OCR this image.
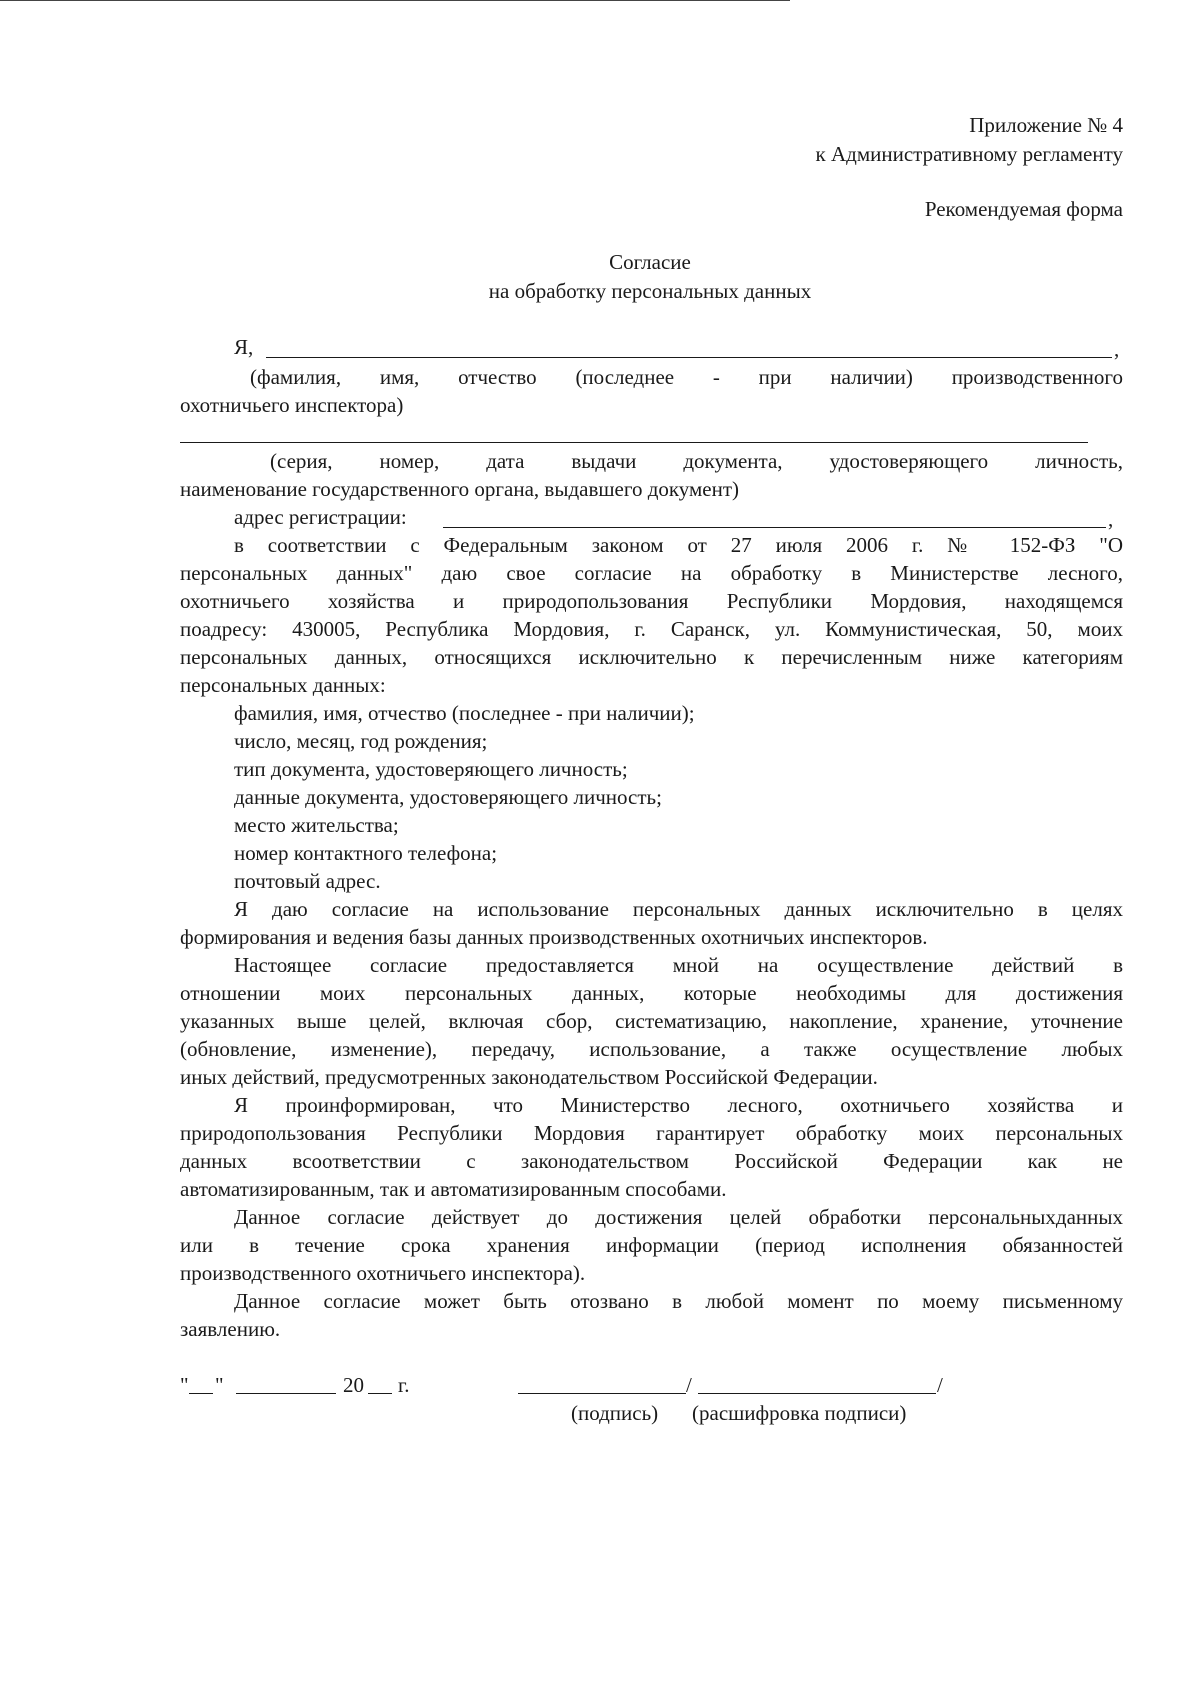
Приложение № 4
к Административному регламенту
Рекомендуемая форма
Согласие
на обработку персональных данных
Я,	,
(фамилия, имя, отчество (последнее - при наличии) производственного
охотничьего инспектора)
(серия, номер, дата выдачи документа, удостоверяющего личность,
наименование государственного органа, выдавшего документ)
адрес регистрации:	,
в соответствии с Федеральным законом от 27 июля 2006 г. № 152-ФЗ "О
персональных данных" даю свое согласие на обработку в Министерстве лесного,
охотничьего хозяйства и природопользования Республики Мордовия, находящемся
поадресу: 430005, Республика Мордовия, г. Саранск, ул. Коммунистическая, 50, моих
персональных данных, относящихся исключительно к перечисленным ниже категориям
персональных данных:
фамилия, имя, отчество (последнее - при наличии);
число, месяц, год рождения;
тип документа, удостоверяющего личность;
данные документа, удостоверяющего личность;
место жительства;
номер контактного телефона;
почтовый адрес.
Я даю согласие на использование персональных данных исключительно в целях
формирования и ведения базы данных производственных охотничьих инспекторов.
Настоящее согласие предоставляется мной на осуществление действий в
отношении моих персональных данных, которые необходимы для достижения
указанных выше целей, включая сбор, систематизацию, накопление, хранение, уточнение
(обновление, изменение), передачу, использование, а также осуществление любых
иных действий, предусмотренных законодательством Российской Федерации.
Я проинформирован, что Министерство лесного, охотничьего хозяйства и
природопользования Республики Мордовия гарантирует обработку моих персональных
данных всоответствии с законодательством Российской Федерации как не
автоматизированным, так и автоматизированным способами.
Данное согласие действует до достижения целей обработки персональныхданных
или в течение срока хранения информации (период исполнения обязанностей
производственного охотничьего инспектора).
Данное согласие может быть отозвано в любой момент по моему письменному
заявлению.
" "	20 г.	/	/
(подпись) (расшифровка подписи)
